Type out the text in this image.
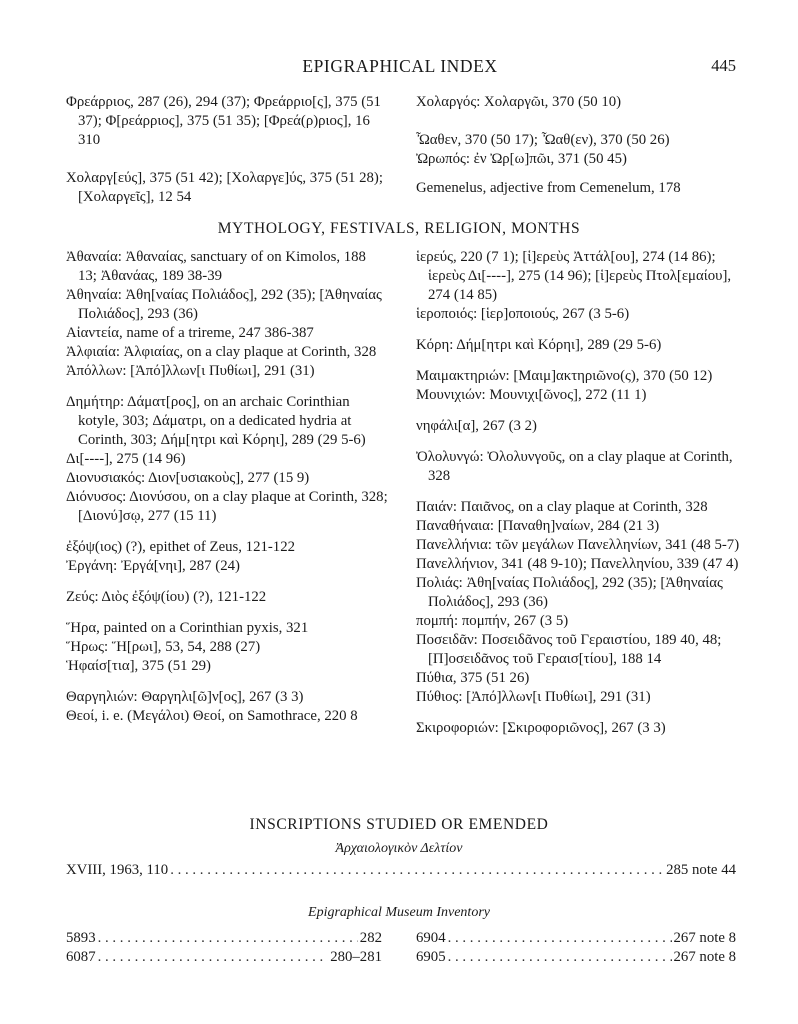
EPIGRAPHICAL INDEX	445
Φρεάρριος, 287 (26), 294 (37); Φρεάρριο[ς], 375 (51 37); Φ[ρεάρριος], 375 (51 35); [Φρεά(ρ)ριος], 16 310
Χολαργ[εύς], 375 (51 42); [Χολαργε]ύς, 375 (51 28); [Χολαργεῖς], 12 54
Χολαργός: Χολαργῶι, 370 (50 10)
Ὦαθεν, 370 (50 17); Ὦαθ(εν), 370 (50 26)
Ὠρωπός: ἐν Ὠρ[ω]πῶι, 371 (50 45)
Gemenelus, adjective from Cemenelum, 178
MYTHOLOGY, FESTIVALS, RELIGION, MONTHS
Ἀθαναία: Ἀθαναίας, sanctuary of on Kimolos, 188 13; Ἀθανάας, 189 38-39
Ἀθηναία: Ἀθη[ναίας Πολιάδος], 292 (35); [Ἀθηναίας Πολιάδος], 293 (36)
Αἰαντεία, name of a trireme, 247 386-387
Ἀλφιαία: Ἀλφιαίας, on a clay plaque at Corinth, 328
Ἀπόλλων: [Ἀπό]λλων[ι Πυθίωι], 291 (31)
Δημήτηρ: Δάματ[ρος], on an archaic Corinthian kotyle, 303; Δάματρι, on a dedicated hydria at Corinth, 303; Δήμ[ητρι καὶ Κόρηι], 289 (29 5-6)
Δι[----], 275 (14 96)
Διονυσιακός: Διον[υσιακοὺς], 277 (15 9)
Διόνυσος: Διονύσου, on a clay plaque at Corinth, 328; [Διονύ]σῳ, 277 (15 11)
ἐξόψ(ιος) (?), epithet of Zeus, 121-122
Ἐργάνη: Ἐργά[νηι], 287 (24)
Ζεύς: Διὸς ἐξόψ(ίου) (?), 121-122
Ἥρα, painted on a Corinthian pyxis, 321
Ἥρως: Ἥ[ρωι], 53, 54, 288 (27)
Ἡφαίσ[τια], 375 (51 29)
Θαργηλιών: Θαργηλι[ῶ]ν[ος], 267 (3 3)
Θεοί, i. e. (Μεγάλοι) Θεοί, on Samothrace, 220 8
ἱερεύς, 220 (7 1); [ἱ]ερεὺς Ἀττάλ[ου], 274 (14 86); ἱερεὺς Δι[----], 275 (14 96); [ἱ]ερεὺς Πτολ[εμαίου], 274 (14 85)
ἱεροποιός: [ἱερ]οποιούς, 267 (3 5-6)
Κόρη: Δήμ[ητρι καὶ Κόρηι], 289 (29 5-6)
Μαιμακτηριών: [Μαιμ]ακτηριῶνο(ς), 370 (50 12)
Μουνιχιών: Μουνιχι[ῶνος], 272 (11 1)
νηφάλι[α], 267 (3 2)
Ὀλολυνγώ: Ὀλολυνγοῦς, on a clay plaque at Corinth, 328
Παιάν: Παιᾶνος, on a clay plaque at Corinth, 328
Παναθήναια: [Παναθη]ναίων, 284 (21 3)
Πανελλήνια: τῶν μεγάλων Πανελληνίων, 341 (48 5-7)
Πανελλήνιον, 341 (48 9-10); Πανελληνίου, 339 (47 4)
Πολιάς: Ἀθη[ναίας Πολιάδος], 292 (35); [Ἀθηναίας Πολιάδος], 293 (36)
πομπή: πομπήν, 267 (3 5)
Ποσειδᾶν: Ποσειδᾶνος τοῦ Γεραιστίου, 189 40, 48; [Π]οσειδᾶνος τοῦ Γεραισ[τίου], 188 14
Πύθια, 375 (51 26)
Πύθιος: [Ἀπό]λλων[ι Πυθίωι], 291 (31)
Σκιροφοριών: [Σκιροφοριῶνος], 267 (3 3)
INSCRIPTIONS STUDIED OR EMENDED
Ἀρχαιολογικὸν Δελτίον
XVIII, 1963, 110 . . .	285 note 44
Epigraphical Museum Inventory
5893 . . .	282
6087 . . .	280–281
6904 . . .	267 note 8
6905 . . .	267 note 8
